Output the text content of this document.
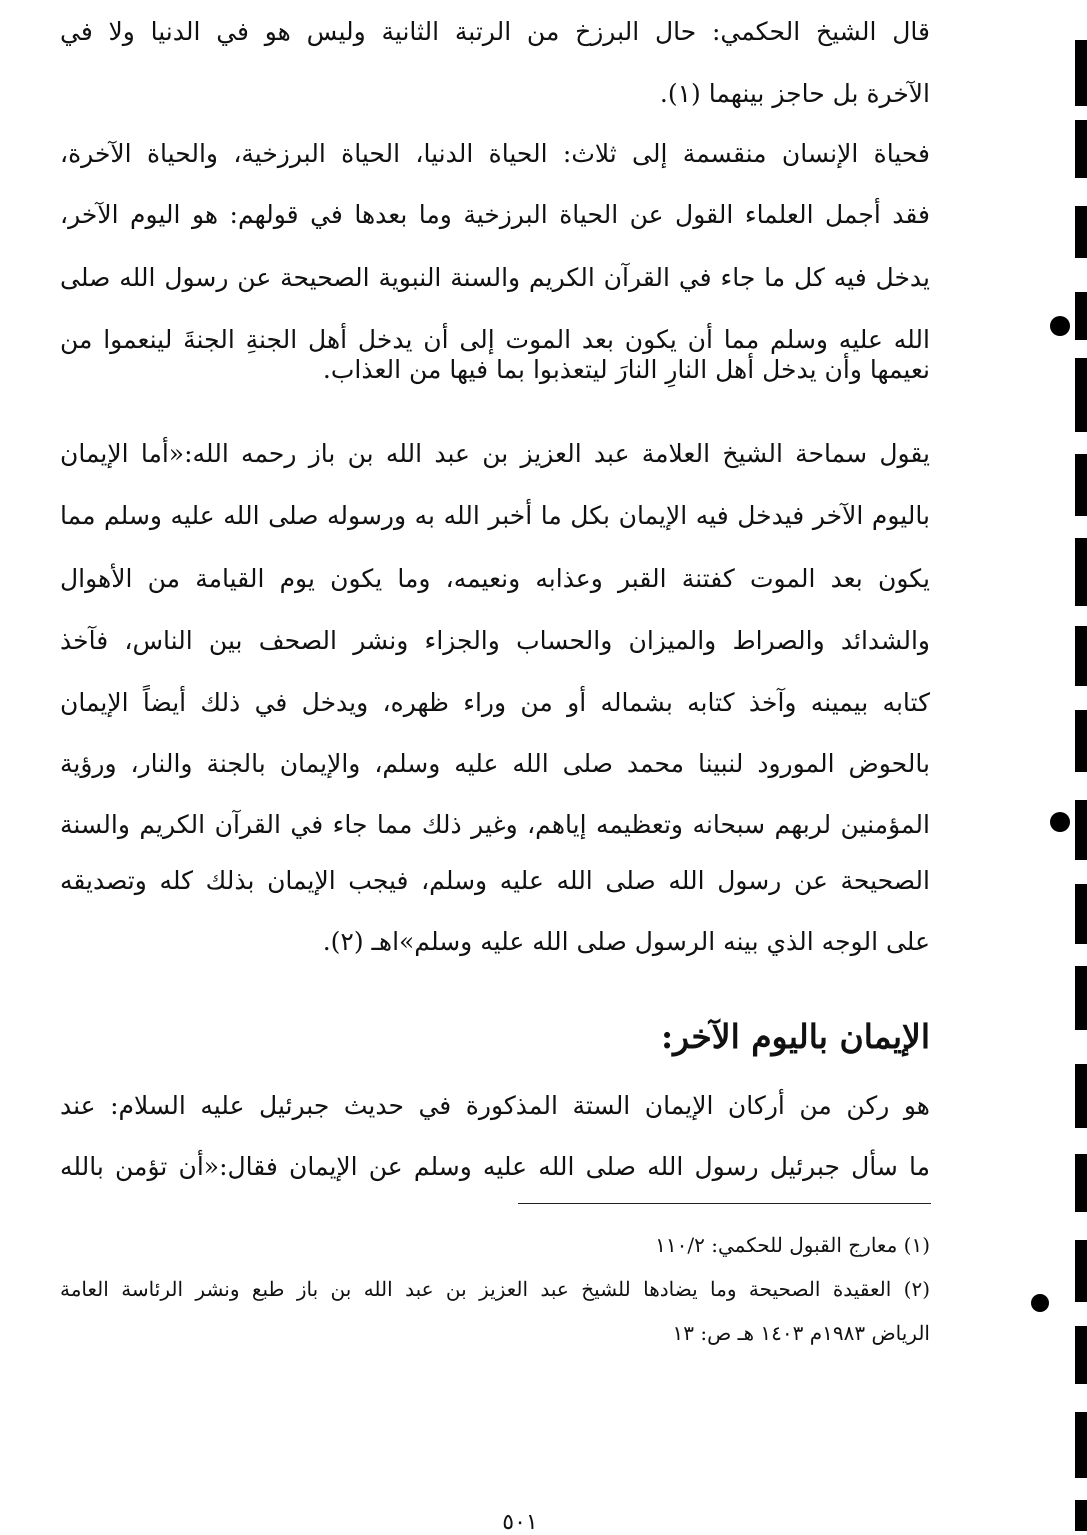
قال الشيخ الحكمي: حال البرزخ من الرتبة الثانية وليس هو في الدنيا ولا في
الآخرة بل حاجز بينهما (١).
فحياة الإنسان منقسمة إلى ثلاث: الحياة الدنيا، الحياة البرزخية، والحياة الآخرة،
فقد أجمل العلماء القول عن الحياة البرزخية وما بعدها في قولهم: هو اليوم الآخر،
يدخل فيه كل ما جاء في القرآن الكريم والسنة النبوية الصحيحة عن رسول الله صلى
الله عليه وسلم مما أن يكون بعد الموت إلى أن يدخل أهل الجنةِ الجنةَ لينعموا من
نعيمها وأن يدخل أهل النارِ النارَ ليتعذبوا بما فيها من العذاب.
يقول سماحة الشيخ العلامة عبد العزيز بن عبد الله بن باز رحمه الله:«أما الإيمان
باليوم الآخر فيدخل فيه الإيمان بكل ما أخبر الله به ورسوله صلى الله عليه وسلم مما
يكون بعد الموت كفتنة القبر وعذابه ونعيمه، وما يكون يوم القيامة من الأهوال
والشدائد والصراط والميزان والحساب والجزاء ونشر الصحف بين الناس، فآخذ
كتابه بيمينه وآخذ كتابه بشماله أو من وراء ظهره، ويدخل في ذلك أيضاً الإيمان
بالحوض المورود لنبينا محمد صلى الله عليه وسلم، والإيمان بالجنة والنار، ورؤية
المؤمنين لربهم سبحانه وتعظيمه إياهم، وغير ذلك مما جاء في القرآن الكريم والسنة
الصحيحة عن رسول الله صلى الله عليه وسلم، فيجب الإيمان بذلك كله وتصديقه
على الوجه الذي بينه الرسول صلى الله عليه وسلم»اهـ (٢).
الإيمان باليوم الآخر:
هو ركن من أركان الإيمان الستة المذكورة في حديث جبرئيل عليه السلام: عند
ما سأل جبرئيل رسول الله صلى الله عليه وسلم عن الإيمان فقال:«أن تؤمن بالله
(١) معارج القبول للحكمي: ١١٠/٢
(٢) العقيدة الصحيحة وما يضادها للشيخ عبد العزيز بن عبد الله بن باز طبع ونشر الرئاسة العامة
الرياض ١٩٨٣م ١٤٠٣ هـ ص: ١٣
٥٠١
